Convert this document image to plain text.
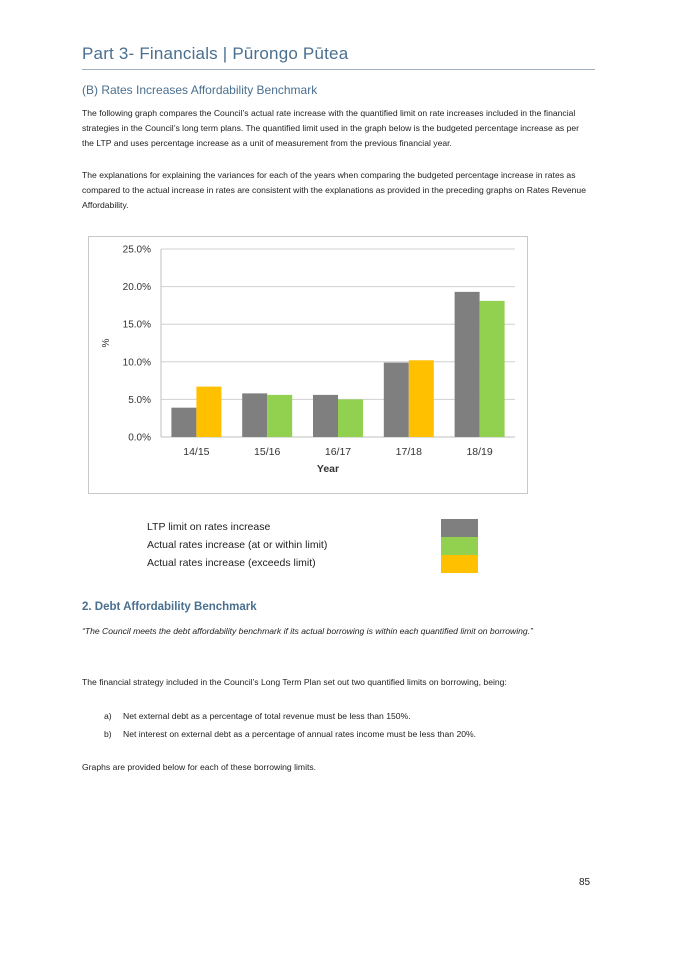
Part 3- Financials | Pūrongo Pūtea
(B) Rates Increases Affordability Benchmark
The following graph compares the Council’s actual rate increase with the quantified limit on rate increases included in the financial strategies in the Council’s long term plans. The quantified limit used in the graph below is the budgeted percentage increase as per the LTP and uses percentage increase as a unit of measurement from the previous financial year.
The explanations for explaining the variances for each of the years when comparing the budgeted percentage increase in rates as compared to the actual increase in rates are consistent with the explanations as provided in the preceding graphs on Rates Revenue Affordability.
0.0%
5.0%
10.0%
15.0%
20.0%
25.0%
14/15	15/16	16/17	17/18	18/19
Year
%
LTP limit on rates increase
Actual rates increase (at or within limit)
Actual rates increase (exceeds limit)
2. Debt Affordability Benchmark
“The Council meets the debt affordability benchmark if its actual borrowing is within each quantified limit on borrowing.”
The financial strategy included in the Council’s Long Term Plan set out two quantified limits on borrowing, being:
a) Net external debt as a percentage of total revenue must be less than 150%.
b) Net interest on external debt as a percentage of annual rates income must be less than 20%.
Graphs are provided below for each of these borrowing limits.
85
